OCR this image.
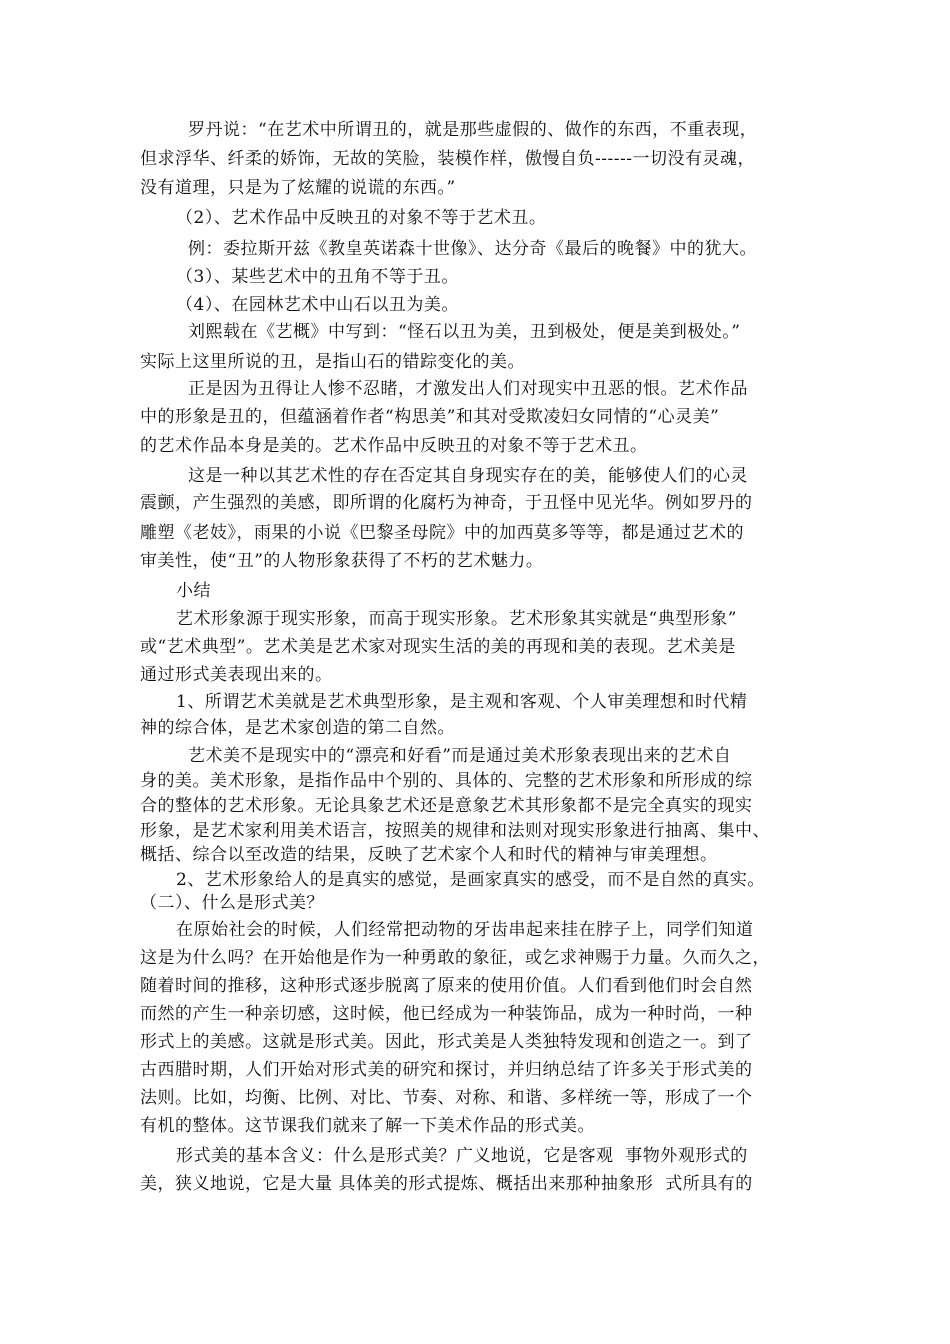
罗丹说：“在艺术中所谓丑的，就是那些虚假的、做作的东西，不重表现，
但求浮华、纤柔的娇饰，无故的笑脸，装模作样，傲慢自负------一切没有灵魂，
没有道理，只是为了炫耀的说谎的东西。”
（2）、艺术作品中反映丑的对象不等于艺术丑。
例：委拉斯开兹《教皇英诺森十世像》、达分奇《最后的晚餐》中的犹大。
（3）、某些艺术中的丑角不等于丑。
（4）、在园林艺术中山石以丑为美。
刘熙载在《艺概》中写到：“怪石以丑为美，丑到极处，便是美到极处。”
实际上这里所说的丑，是指山石的错踪变化的美。
正是因为丑得让人惨不忍睹，才激发出人们对现实中丑恶的恨。艺术作品
中的形象是丑的，但蕴涵着作者“构思美”和其对受欺凌妇女同情的“心灵美”
的艺术作品本身是美的。艺术作品中反映丑的对象不等于艺术丑。
这是一种以其艺术性的存在否定其自身现实存在的美，能够使人们的心灵
震颤，产生强烈的美感，即所谓的化腐朽为神奇，于丑怪中见光华。例如罗丹的
雕塑《老妓》，雨果的小说《巴黎圣母院》中的加西莫多等等，都是通过艺术的
审美性，使“丑”的人物形象获得了不朽的艺术魅力。
小结
艺术形象源于现实形象，而高于现实形象。艺术形象其实就是“典型形象”
或“艺术典型”。艺术美是艺术家对现实生活的美的再现和美的表现。艺术美是
通过形式美表现出来的。
1、所谓艺术美就是艺术典型形象，是主观和客观、个人审美理想和时代精
神的综合体，是艺术家创造的第二自然。
艺术美不是现实中的“漂亮和好看”而是通过美术形象表现出来的艺术自
身的美。美术形象，是指作品中个别的、具体的、完整的艺术形象和所形成的综
合的整体的艺术形象。无论具象艺术还是意象艺术其形象都不是完全真实的现实
形象，是艺术家利用美术语言，按照美的规律和法则对现实形象进行抽离、集中、
概括、综合以至改造的结果，反映了艺术家个人和时代的精神与审美理想。
2、艺术形象给人的是真实的感觉，是画家真实的感受，而不是自然的真实。
（二）、什么是形式美？
在原始社会的时候，人们经常把动物的牙齿串起来挂在脖子上，同学们知道
这是为什么吗？在开始他是作为一种勇敢的象征，或乞求神赐于力量。久而久之，
随着时间的推移，这种形式逐步脱离了原来的使用价值。人们看到他们时会自然
而然的产生一种亲切感，这时候，他已经成为一种装饰品，成为一种时尚，一种
形式上的美感。这就是形式美。因此，形式美是人类独特发现和创造之一。到了
古西腊时期，人们开始对形式美的研究和探讨，并归纳总结了许多关于形式美的
法则。比如，均衡、比例、对比、节奏、对称、和谐、多样统一等，形成了一个
有机的整体。这节课我们就来了解一下美术作品的形式美。
形式美的基本含义：什么是形式美？广义地说，它是客观  事物外观形式的
美，狭义地说，它是大量 具体美的形式提炼、概括出来那种抽象形  式所具有的
